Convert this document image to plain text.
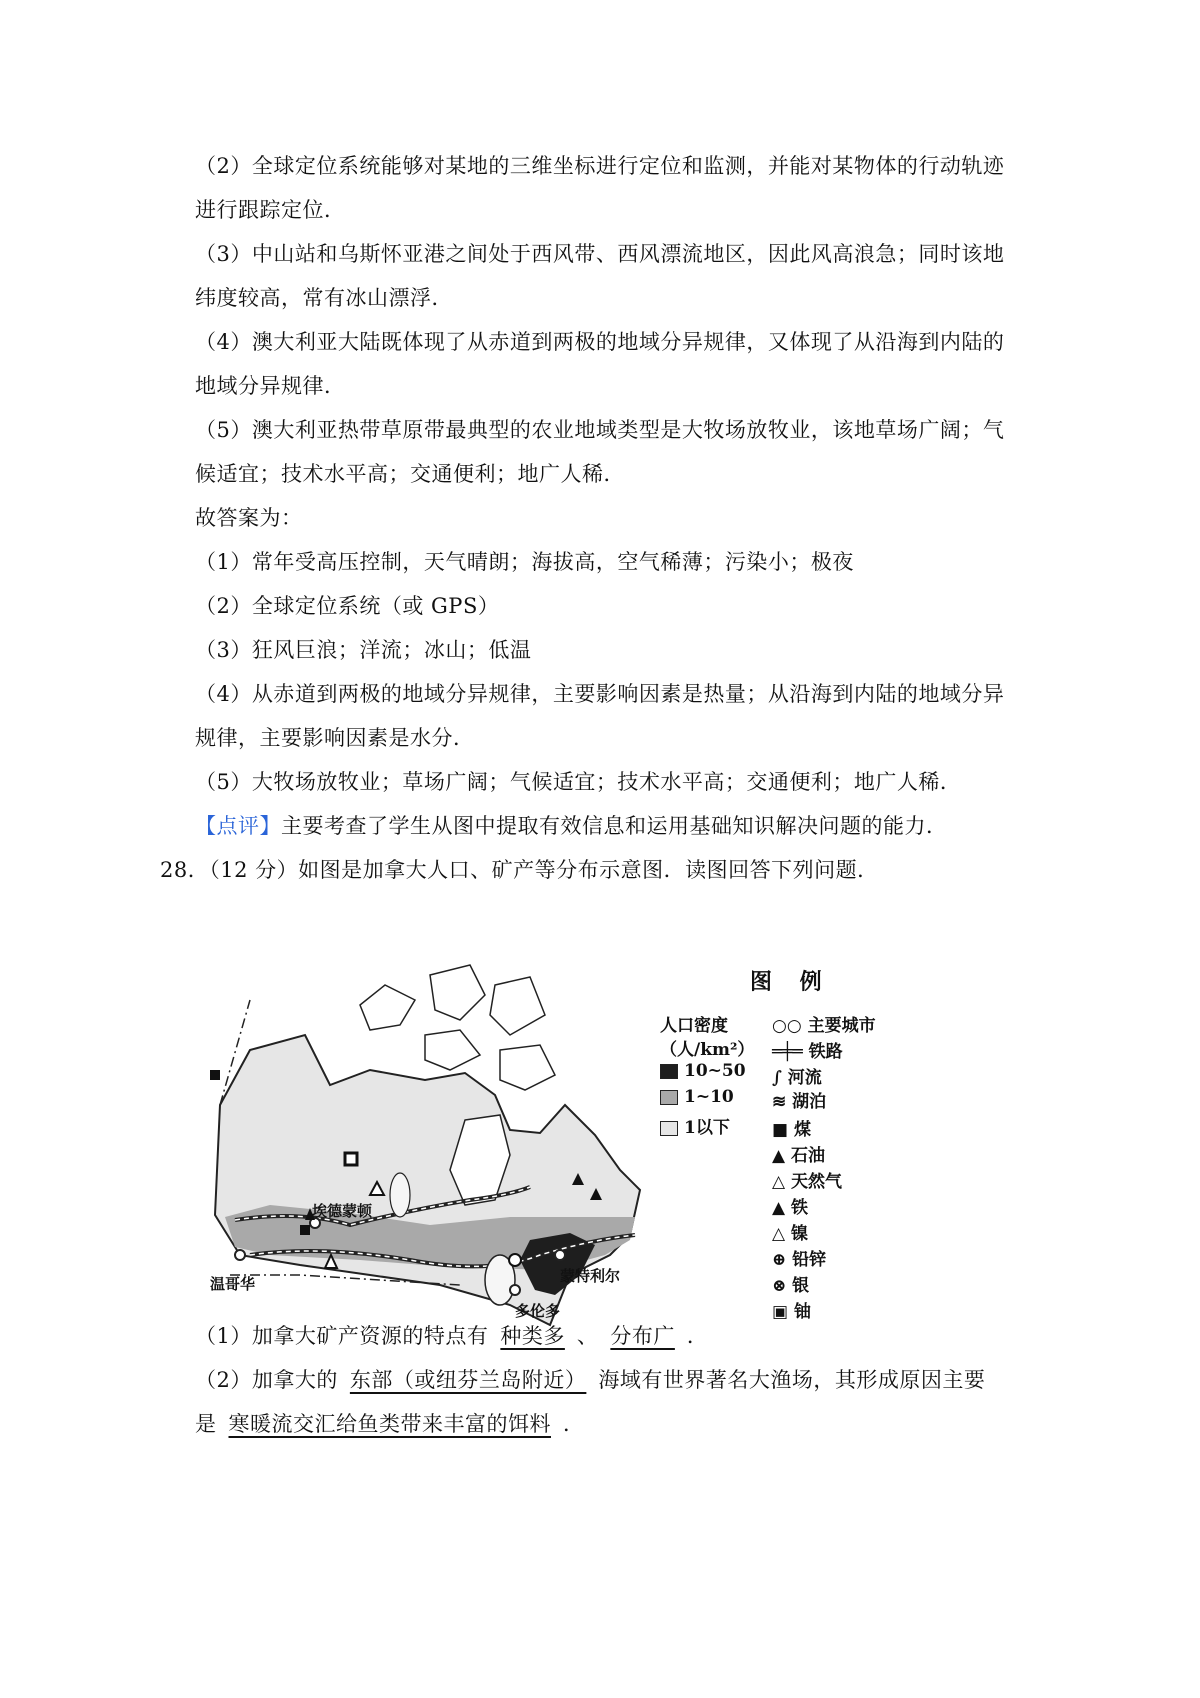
（2）全球定位系统能够对某地的三维坐标进行定位和监测，并能对某物体的行动轨迹
进行跟踪定位．
（3）中山站和乌斯怀亚港之间处于西风带、西风漂流地区，因此风高浪急；同时该地
纬度较高，常有冰山漂浮．
（4）澳大利亚大陆既体现了从赤道到两极的地域分异规律，又体现了从沿海到内陆的
地域分异规律．
（5）澳大利亚热带草原带最典型的农业地域类型是大牧场放牧业，该地草场广阔；气
候适宜；技术水平高；交通便利；地广人稀．
故答案为：
（1）常年受高压控制，天气晴朗；海拔高，空气稀薄；污染小；极夜
（2）全球定位系统（或 GPS）
（3）狂风巨浪；洋流；冰山；低温
（4）从赤道到两极的地域分异规律，主要影响因素是热量；从沿海到内陆的地域分异
规律，主要影响因素是水分．
（5）大牧场放牧业；草场广阔；气候适宜；技术水平高；交通便利；地广人稀．
【点评】主要考查了学生从图中提取有效信息和运用基础知识解决问题的能力．
28．（12 分）如图是加拿大人口、矿产等分布示意图．读图回答下列问题．
埃德蒙顿
温哥华	蒙特利尔
多伦多
图 例
人口密度
（人/km²）
10~50
1~10
1以下
○○ 主要城市
═╪═ 铁路
∫ 河流
≋ 湖泊
■ 煤
▲ 石油
△ 天然气
▲ 铁
△ 镍
⊕ 铅锌
⊗ 银
▣ 铀
（1）加拿大矿产资源的特点有 种类多 、 分布广 ．
（2）加拿大的 东部（或纽芬兰岛附近） 海域有世界著名大渔场，其形成原因主要
是 寒暖流交汇给鱼类带来丰富的饵料 ．
